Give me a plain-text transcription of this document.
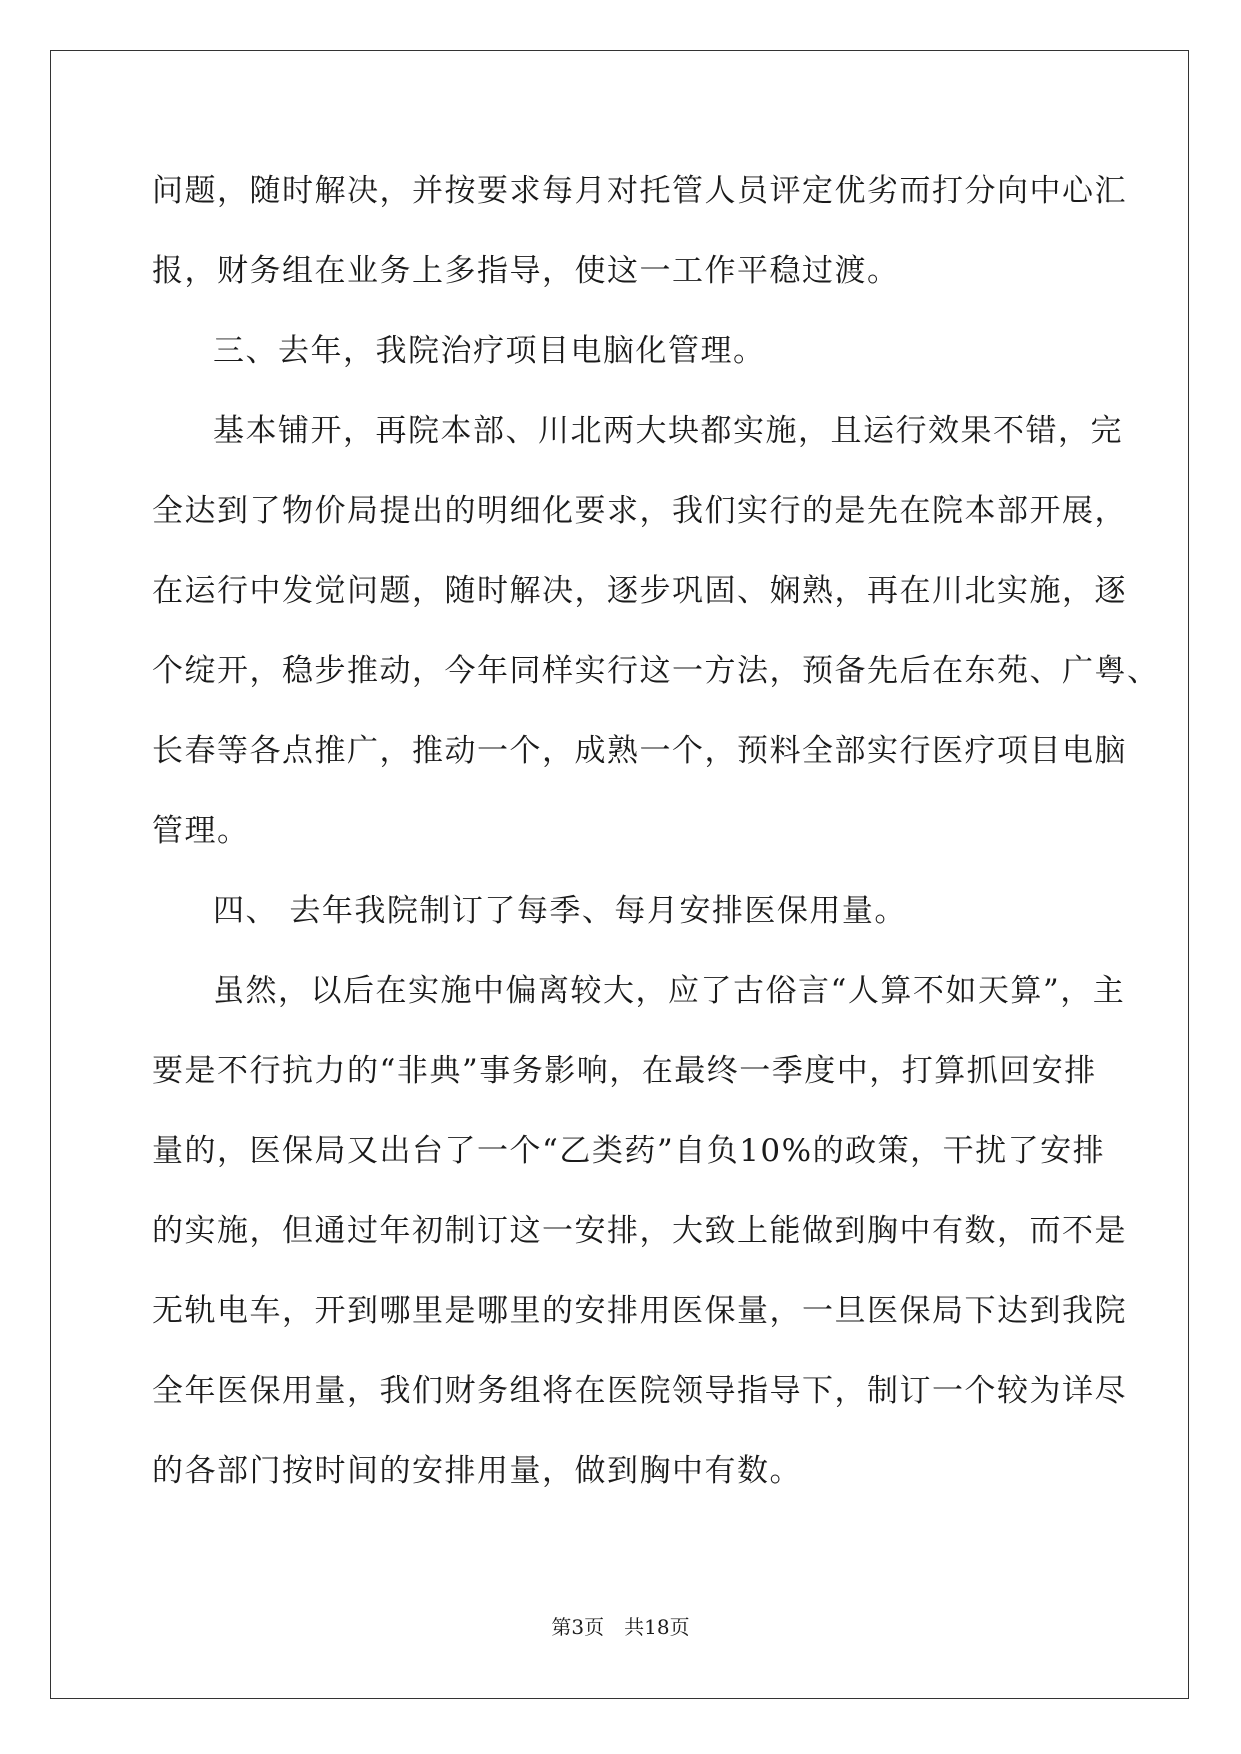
问题，随时解决，并按要求每月对托管人员评定优劣而打分向中心汇
报，财务组在业务上多指导，使这一工作平稳过渡。
三、去年，我院治疗项目电脑化管理。
基本铺开，再院本部、川北两大块都实施，且运行效果不错，完
全达到了物价局提出的明细化要求，我们实行的是先在院本部开展，
在运行中发觉问题，随时解决，逐步巩固、娴熟，再在川北实施，逐
个绽开，稳步推动，今年同样实行这一方法，预备先后在东苑、广粤、
长春等各点推广，推动一个，成熟一个，预料全部实行医疗项目电脑
管理。
四、 去年我院制订了每季、每月安排医保用量。
虽然，以后在实施中偏离较大，应了古俗言“人算不如天算”，主
要是不行抗力的“非典”事务影响，在最终一季度中，打算抓回安排
量的，医保局又出台了一个“乙类药”自负10%的政策，干扰了安排
的实施，但通过年初制订这一安排，大致上能做到胸中有数，而不是
无轨电车，开到哪里是哪里的安排用医保量，一旦医保局下达到我院
全年医保用量，我们财务组将在医院领导指导下，制订一个较为详尽
的各部门按时间的安排用量，做到胸中有数。
第3页　共18页
